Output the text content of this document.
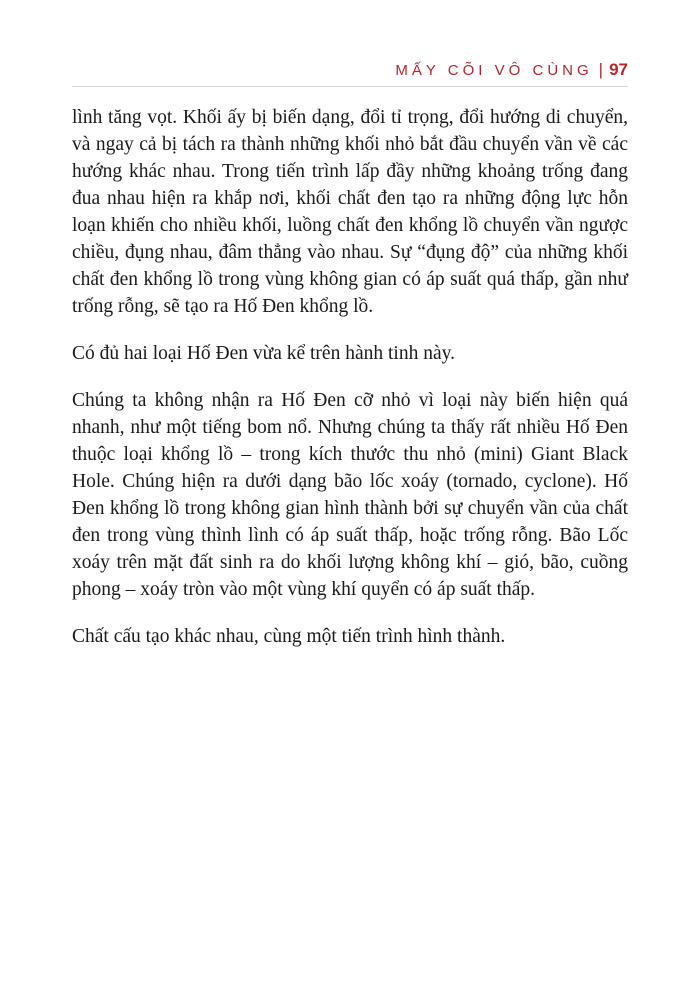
MẤY CÕI VÔ CÙNG | 97

lình tăng vọt. Khối ấy bị biến dạng, đổi tỉ trọng, đổi hướng di chuyển, và ngay cả bị tách ra thành những khối nhỏ bắt đầu chuyển vần về các hướng khác nhau. Trong tiến trình lấp đầy những khoảng trống đang đua nhau hiện ra khắp nơi, khối chất đen tạo ra những động lực hỗn loạn khiến cho nhiều khối, luồng chất đen khổng lồ chuyển vần ngược chiều, đụng nhau, đâm thẳng vào nhau. Sự “đụng độ” của những khối chất đen khổng lồ trong vùng không gian có áp suất quá thấp, gần như trống rỗng, sẽ tạo ra Hố Đen khổng lồ.

Có đủ hai loại Hố Đen vừa kể trên hành tinh này.

Chúng ta không nhận ra Hố Đen cỡ nhỏ vì loại này biến hiện quá nhanh, như một tiếng bom nổ. Nhưng chúng ta thấy rất nhiều Hố Đen thuộc loại khổng lồ – trong kích thước thu nhỏ (mini) Giant Black Hole. Chúng hiện ra dưới dạng bão lốc xoáy (tornado, cyclone). Hố Đen khổng lồ trong không gian hình thành bởi sự chuyển vần của chất đen trong vùng thình lình có áp suất thấp, hoặc trống rỗng. Bão Lốc xoáy trên mặt đất sinh ra do khối lượng không khí – gió, bão, cuồng phong – xoáy tròn vào một vùng khí quyển có áp suất thấp.

Chất cấu tạo khác nhau, cùng một tiến trình hình thành.
